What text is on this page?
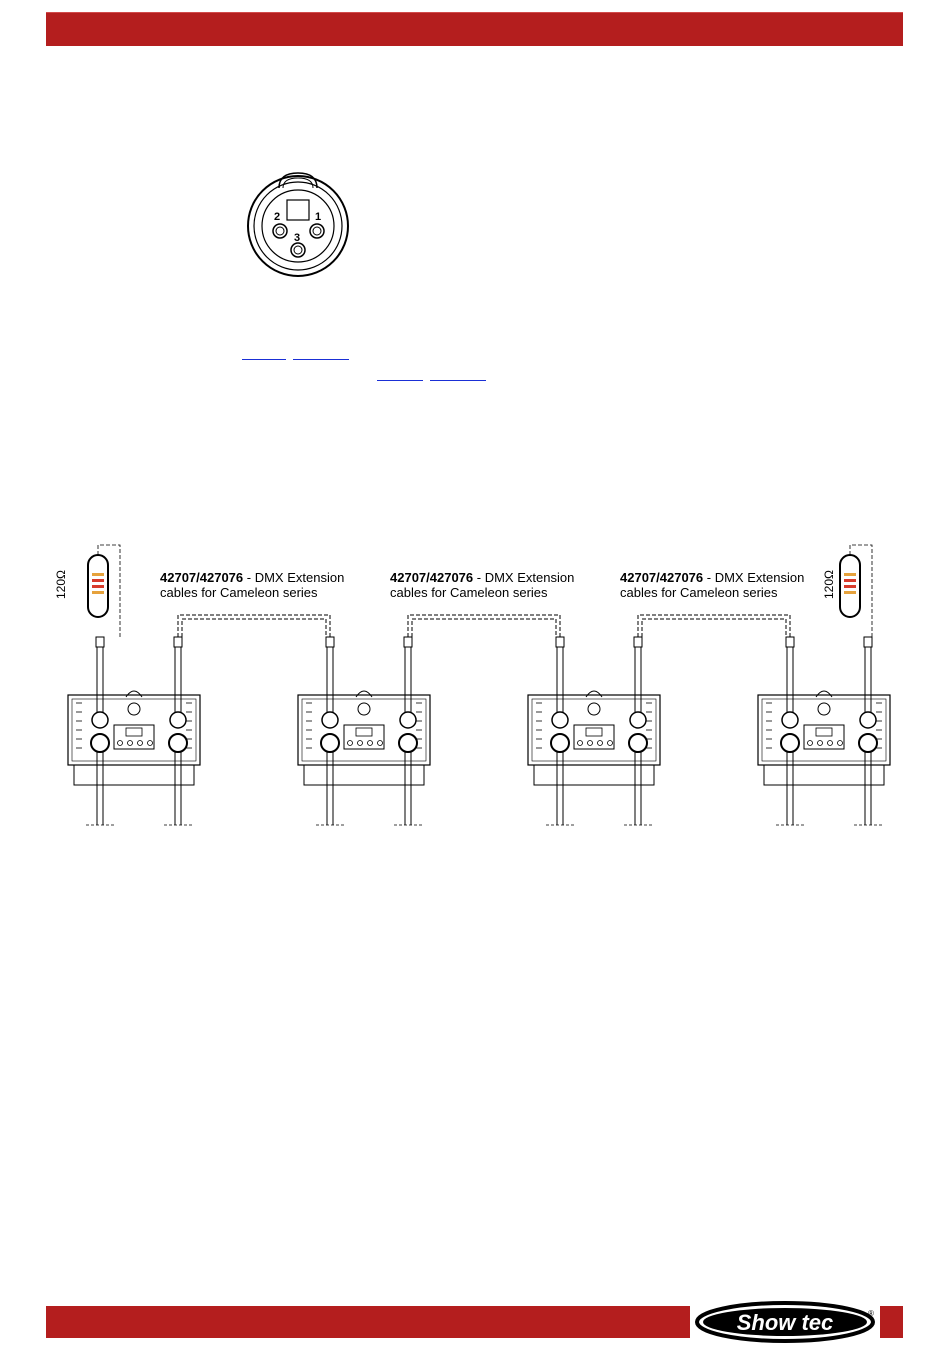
2	1
3
42707/427076 - DMX Extension
cables for Cameleon series
42707/427076 - DMX Extension
cables for Cameleon series
42707/427076 - DMX Extension
cables for Cameleon series
120Ω	120Ω
Show tec	®
